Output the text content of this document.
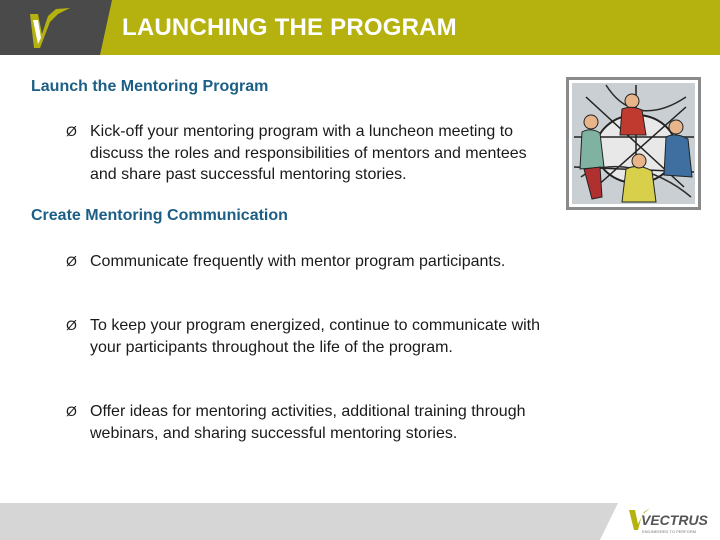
LAUNCHING THE PROGRAM
Launch the Mentoring Program
Ø Kick-off your mentoring program with a luncheon meeting to discuss the roles and responsibilities of mentors and mentees and share past successful mentoring stories.
Create Mentoring Communication
Ø Communicate frequently with mentor program participants.
Ø To keep your program energized, continue to communicate with your participants throughout the life of the program.
Ø Offer ideas for mentoring activities, additional training through webinars, and sharing successful mentoring stories.
VECTRUS
ENGINEERED TO PERFORM
